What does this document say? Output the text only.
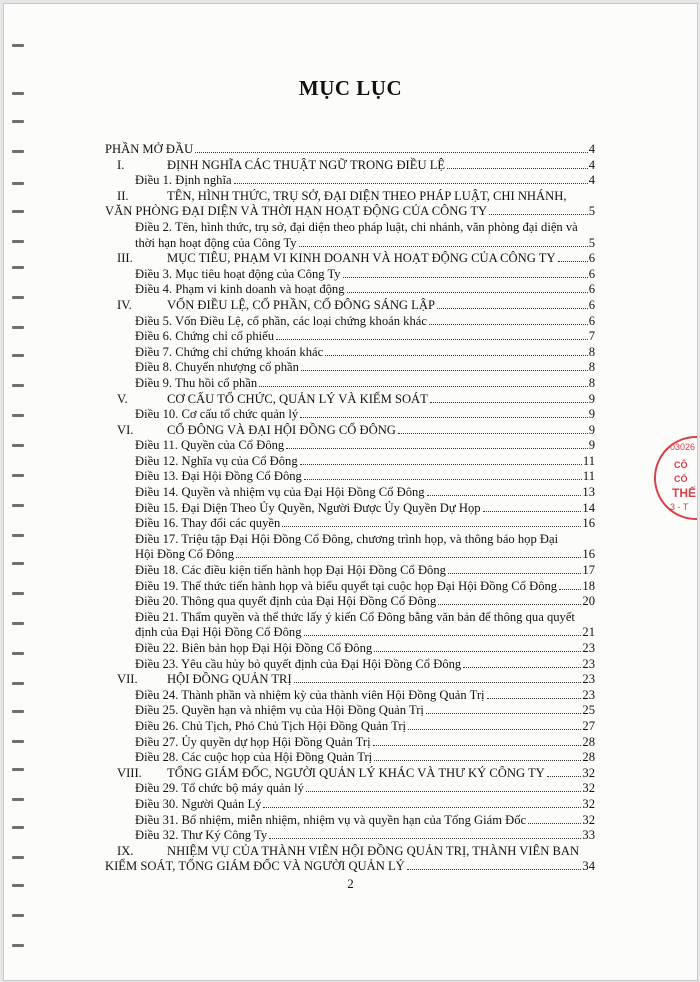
MỤC LỤC
PHẦN MỞ ĐẦU	4
I.	ĐỊNH NGHĨA CÁC THUẬT NGỮ TRONG ĐIỀU LỆ	4
Điều 1. Định nghĩa	4
II.	TÊN, HÌNH THỨC, TRỤ SỞ, ĐẠI DIỆN THEO PHÁP LUẬT, CHI NHÁNH,
VĂN PHÒNG ĐẠI DIỆN VÀ THỜI HẠN HOẠT ĐỘNG CỦA CÔNG TY	5
Điều 2. Tên, hình thức, trụ sở, đại diện theo pháp luật, chi nhánh, văn phòng đại diện và
thời hạn hoạt động của Công Ty	5
III.	MỤC TIÊU, PHẠM VI KINH DOANH VÀ HOẠT ĐỘNG CỦA CÔNG TY	6
Điều 3. Mục tiêu hoạt động của Công Ty	6
Điều 4. Phạm vi kinh doanh và hoạt động	6
IV.	VỐN ĐIỀU LỆ, CỔ PHẦN, CỔ ĐÔNG SÁNG LẬP	6
Điều 5. Vốn Điều Lệ, cổ phần, các loại chứng khoán khác	6
Điều 6. Chứng chỉ cổ phiếu	7
Điều 7. Chứng chỉ chứng khoán khác	8
Điều 8. Chuyển nhượng cổ phần	8
Điều 9. Thu hồi cổ phần	8
V.	CƠ CẤU TỔ CHỨC, QUẢN LÝ VÀ KIỂM SOÁT	9
Điều 10. Cơ cấu tổ chức quản lý	9
VI.	CỔ ĐÔNG VÀ ĐẠI HỘI ĐỒNG CỔ ĐÔNG	9
Điều 11. Quyền của Cổ Đông	9
Điều 12. Nghĩa vụ của Cổ Đông	11
Điều 13. Đại Hội Đồng Cổ Đông	11
Điều 14. Quyền và nhiệm vụ của Đại Hội Đồng Cổ Đông	13
Điều 15. Đại Diện Theo Ủy Quyền, Người Được Ủy Quyền Dự Họp	14
Điều 16. Thay đổi các quyền	16
Điều 17. Triệu tập Đại Hội Đồng Cổ Đông, chương trình họp, và thông báo họp Đại
Hội Đồng Cổ Đông	16
Điều 18. Các điều kiện tiến hành họp Đại Hội Đồng Cổ Đông	17
Điều 19. Thể thức tiến hành họp và biểu quyết tại cuộc họp Đại Hội Đồng Cổ Đông 18
Điều 20. Thông qua quyết định của Đại Hội Đồng Cổ Đông	20
Điều 21. Thẩm quyền và thể thức lấy ý kiến Cổ Đông bằng văn bản để thông qua quyết
định của Đại Hội Đồng Cổ Đông	21
Điều 22. Biên bản họp Đại Hội Đồng Cổ Đông	23
Điều 23. Yêu cầu hủy bỏ quyết định của Đại Hội Đồng Cổ Đông	23
VII.	HỘI ĐỒNG QUẢN TRỊ	23
Điều 24. Thành phần và nhiệm kỳ của thành viên Hội Đồng Quản Trị	23
Điều 25. Quyền hạn và nhiệm vụ của Hội Đồng Quản Trị	25
Điều 26. Chủ Tịch, Phó Chủ Tịch Hội Đồng Quản Trị	27
Điều 27. Ủy quyền dự họp Hội Đồng Quản Trị	28
Điều 28. Các cuộc họp của Hội Đồng Quản Trị	28
VIII.	TỔNG GIÁM ĐỐC, NGƯỜI QUẢN LÝ KHÁC VÀ THƯ KÝ CÔNG TY	32
Điều 29. Tổ chức bộ máy quản lý	32
Điều 30. Người Quản Lý	32
Điều 31. Bổ nhiệm, miễn nhiệm, nhiệm vụ và quyền hạn của Tổng Giám Đốc	32
Điều 32. Thư Ký Công Ty	33
IX.	NHIỆM VỤ CỦA THÀNH VIÊN HỘI ĐỒNG QUẢN TRỊ, THÀNH VIÊN BAN
KIỂM SOÁT, TỔNG GIÁM ĐỐC VÀ NGƯỜI QUẢN LÝ	34
2
03026
CÔ
CỔ
THẾ
3 - T
